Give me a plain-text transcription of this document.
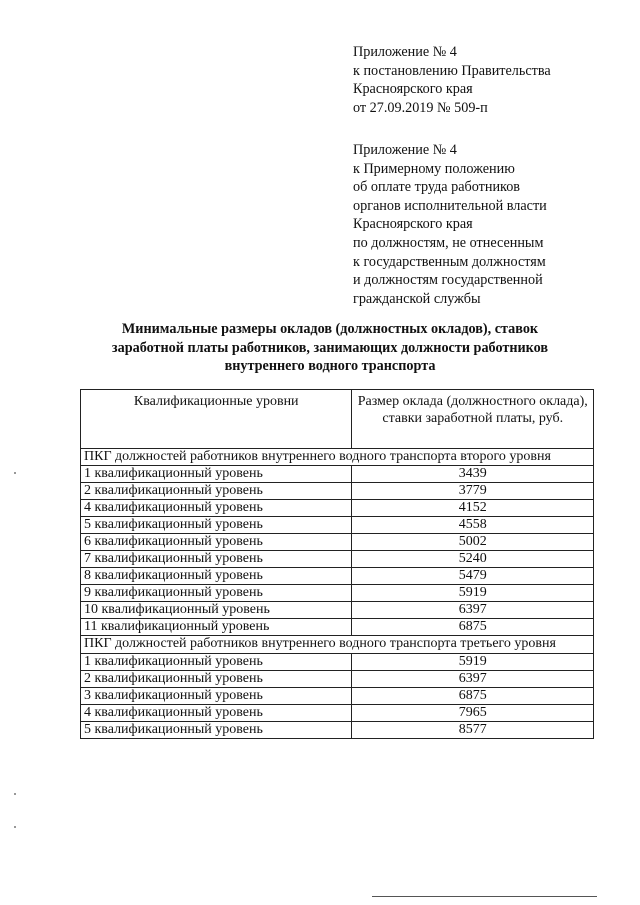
Приложение № 4
к постановлению Правительства
Красноярского края
от 27.09.2019 № 509-п
Приложение № 4
к Примерному положению
об оплате труда работников
органов исполнительной власти
Красноярского края
по должностям, не отнесенным
к государственным должностям
и должностям государственной
гражданской службы
Минимальные размеры окладов (должностных окладов), ставок
заработной платы работников, занимающих должности работников
внутреннего водного транспорта
Квалификационные уровни	Размер оклада (должностного оклада), ставки заработной платы, руб.
ПКГ должностей работников внутреннего водного транспорта второго уровня	
1 квалификационный уровень	3439
2 квалификационный уровень	3779
4 квалификационный уровень	4152
5 квалификационный уровень	4558
6 квалификационный уровень	5002
7 квалификационный уровень	5240
8 квалификационный уровень	5479
9 квалификационный уровень	5919
10 квалификациoнный уровень	6397
11 квалификационный уровень	6875
ПКГ должностей работников внутреннего водного транспорта третьего уровня	
1 квалификационный уровень	5919
2 квалификационный уровень	6397
3 квалификационный уровень	6875
4 квалификационный уровень	7965
5 квалификационный уровень	8577
